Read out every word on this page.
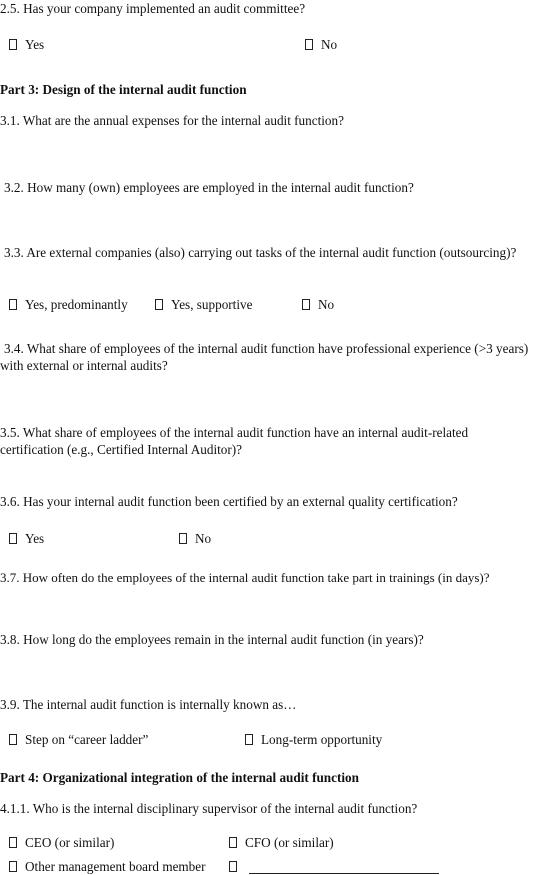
2.5. Has your company implemented an audit committee?

Yes	No

Part 3: Design of the internal audit function

3.1. What are the annual expenses for the internal audit function?

3.2. How many (own) employees are employed in the internal audit function?

3.3. Are external companies (also) carrying out tasks of the internal audit function (outsourcing)?

Yes, predominantly	Yes, supportive	No

3.4. What share of employees of the internal audit function have professional experience (>3 years) with external or internal audits?

3.5. What share of employees of the internal audit function have an internal audit-related certification (e.g., Certified Internal Auditor)?

3.6. Has your internal audit function been certified by an external quality certification?

Yes	No

3.7. How often do the employees of the internal audit function take part in trainings (in days)?

3.8. How long do the employees remain in the internal audit function (in years)?

3.9. The internal audit function is internally known as…

Step on “career ladder”	Long-term opportunity

Part 4: Organizational integration of the internal audit function

4.1.1. Who is the internal disciplinary supervisor of the internal audit function?

CEO (or similar)	CFO (or similar)
Other management board member
